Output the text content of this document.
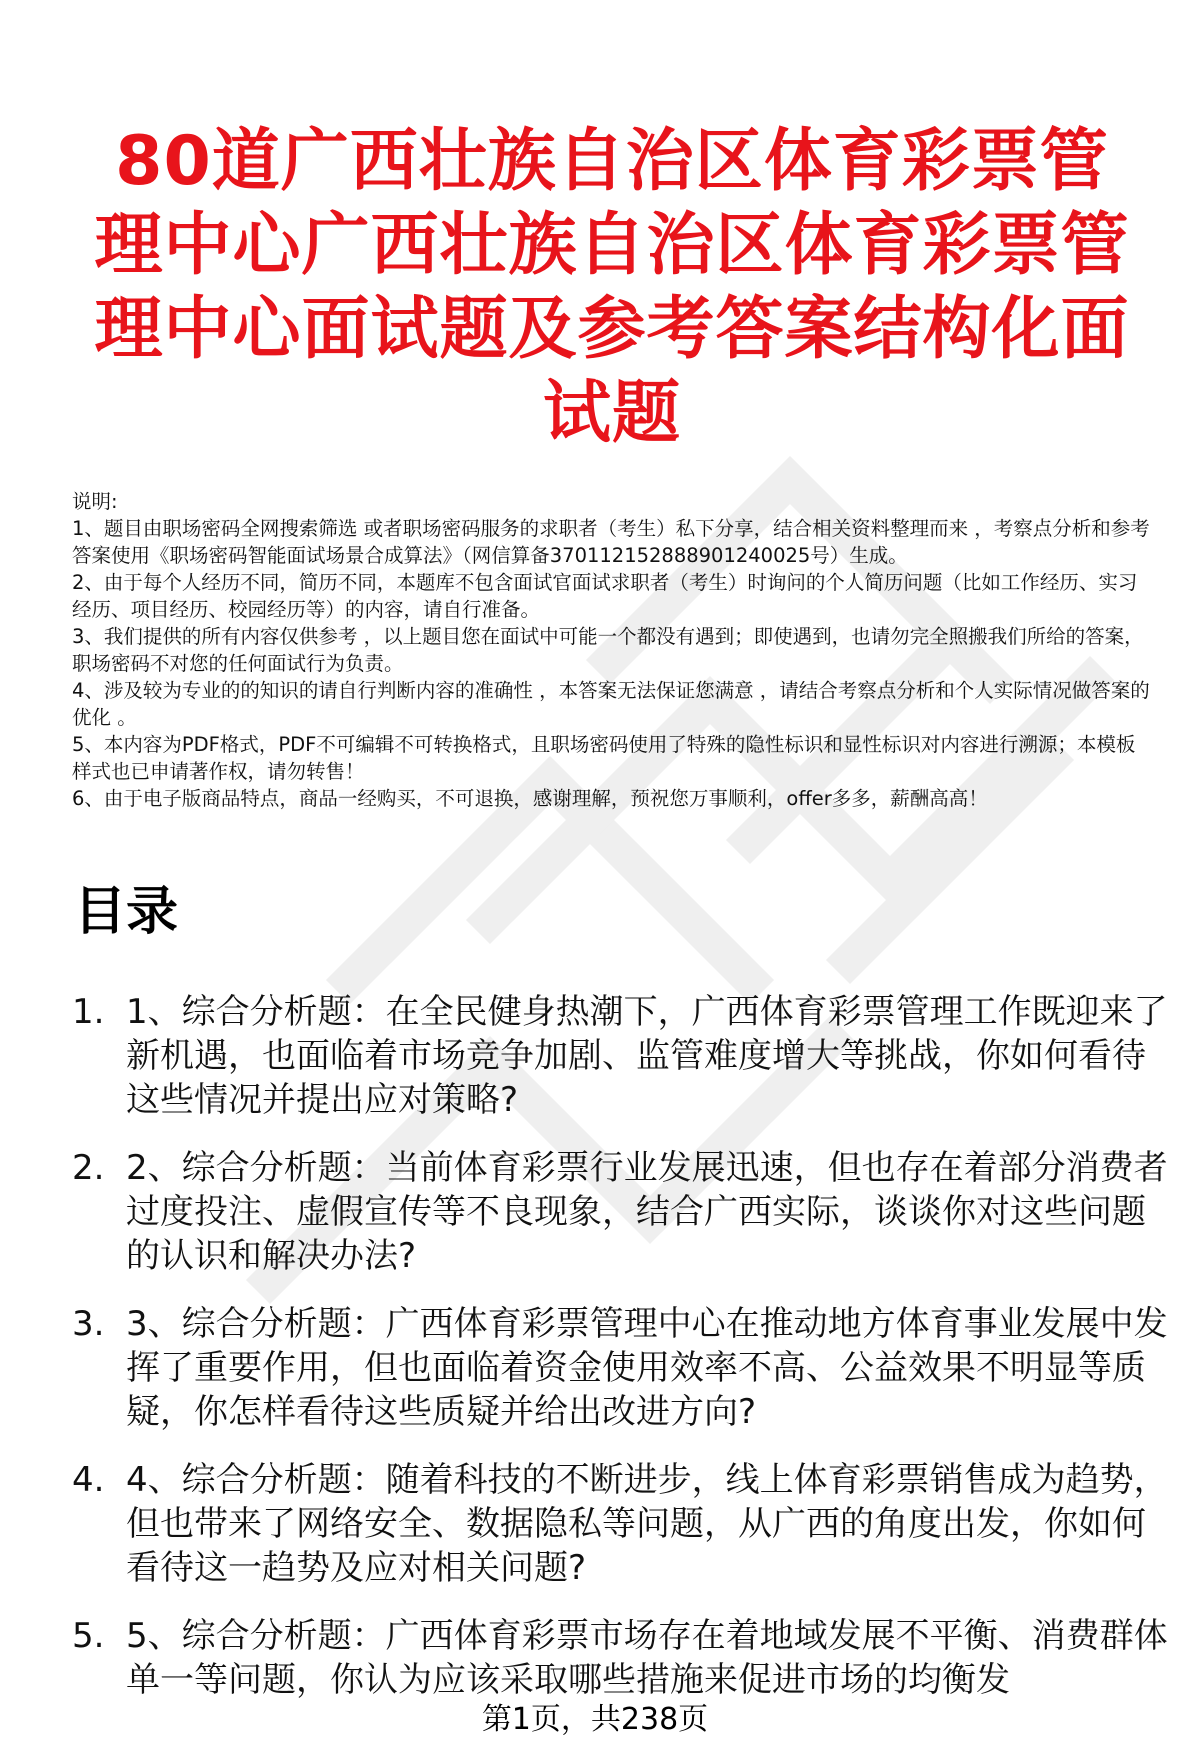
80道广西壮族自治区体育彩票管理中心广西壮族自治区体育彩票管理中心面试题及参考答案结构化面试题
说明:
1、题目由职场密码全网搜索筛选 或者职场密码服务的求职者（考生）私下分享，结合相关资料整理而来 ，考察点分析和参考答案使用《职场密码智能面试场景合成算法》（网信算备370112152888901240025号）生成。
2、由于每个人经历不同，简历不同，本题库不包含面试官面试求职者（考生）时询问的个人简历问题（比如工作经历、实习经历、项目经历、校园经历等）的内容，请自行准备。
3、我们提供的所有内容仅供参考 ，以上题目您在面试中可能一个都没有遇到；即使遇到，也请勿完全照搬我们所给的答案，职场密码不对您的任何面试行为负责。
4、涉及较为专业的的知识的请自行判断内容的准确性 ，本答案无法保证您满意 ，请结合考察点分析和个人实际情况做答案的优化 。
5、本内容为PDF格式，PDF不可编辑不可转换格式，且职场密码使用了特殊的隐性标识和显性标识对内容进行溯源；本模板样式也已申请著作权，请勿转售！
6、由于电子版商品特点，商品一经购买，不可退换，感谢理解，预祝您万事顺利，offer多多，薪酬高高！
目录
1. 1、综合分析题：在全民健身热潮下，广西体育彩票管理工作既迎来了新机遇，也面临着市场竞争加剧、监管难度增大等挑战，你如何看待这些情况并提出应对策略?
2. 2、综合分析题：当前体育彩票行业发展迅速，但也存在着部分消费者过度投注、虚假宣传等不良现象，结合广西实际，谈谈你对这些问题的认识和解决办法?
3. 3、综合分析题：广西体育彩票管理中心在推动地方体育事业发展中发挥了重要作用，但也面临着资金使用效率不高、公益效果不明显等质疑，你怎样看待这些质疑并给出改进方向?
4. 4、综合分析题：随着科技的不断进步，线上体育彩票销售成为趋势，但也带来了网络安全、数据隐私等问题，从广西的角度出发，你如何看待这一趋势及应对相关问题?
5. 5、综合分析题：广西体育彩票市场存在着地域发展不平衡、消费群体单一等问题，你认为应该采取哪些措施来促进市场的均衡发
第1页，共238页
